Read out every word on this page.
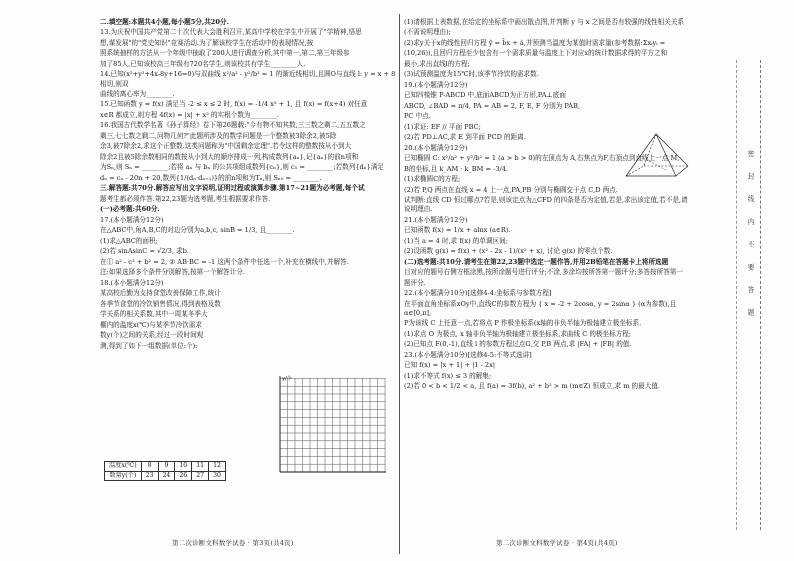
二.填空题:本题共4小题,每小题5分,共20分.

13.为庆祝中国共产党第二十次代表大会胜利召开,某高中学校在学生中开展了"学精神,悟思

想,谋发展"的"党史知识"竞赛活动.为了解该校学生在活动中的表现情况,按

照系统抽样的方法从一个年级中抽取了200人进行调查分析,其中第一,第二,第三年级参

加了85人,已知该校高三年级有720名学生,则该校共有学生________人.

14.已知(x²+y²+4x-8y+16=0)与双曲线 x²/a² - y²/b² = 1 的渐近线相切,且圆O与直线 l: y = x + 8 相切,则双

曲线的离心率为________.

15.已知函数 y = f(x) 满足当 -2 ≤ x ≤ 2 时, f(x) = -1/4 x² + 1, 且 f(x) = f(x+4) 对任意

x∈R 都成立,则方程 4f(x) = |x| + x² 的实根个数为________.

16.我国古代数学名著《孙子算经》卷下第26题载:"今有物不知其数,三三数之剩二,五五数之

剩三,七七数之剩二,问物几何?"此题所涉及的数学问题是一个整数被3除余2,被5除

余3,被7除余2,求这个正整数.这类问题称为"中国剩余定理".若令这样的整数按从小到大

除余2且被5除余数相同的数按从小到大的顺序排成一列,构成数列{aₙ},记{aₙ}的前n项和

为Sₙ,则 Sₙ = ________;若将 aₙ 与 bₙ 的公共项组成数列{cₙ},则 c₅ = ________;若数列{dₙ}满足

dₙ = cₙ - 20n + 20,数列{1/(dₙ·dₙ₊₁)}的前n项和为Tₙ,则 Sₙ₀ = ________.

三.解答题:共70分.解答应写出文字说明,证明过程或演算步骤.第17~21题为必考题,每个试

题考生都必须作答.第22,23题为选考题,考生根据要求作答.

(一)必考题:共60分.

17.(本小题满分12分)

在△ABC中,角A,B,C的对边分别为a,b,c, sinB = 1/3, 且________.

(1)求△ABC的面积;

(2)若 sinAsinC = √2/3, 求b.

在① a² - c² + b² = 2, ② AB·BC = -1 这两个条件中任选一个,补充在横线中,并解答.

注:如果选择多个条件分别解答,按第一个解答计分.

18.(本小题满分12分)

某高校后勤为支持食堂改善保障工作,统计

各季节食堂的冷饮销售情况,得到表格及数

学关系的相关系数,其中一周某冬季大

棚内的温度x(℃)与某季节冷饮需求

数y(个)之间的关系,经过一段时间观

测,得到了如下一组数据(单位:个):

(1)请根据上表数据,在给定的坐标系中画出散点图,并判断 y 与 x 之间是否有较强的线性相关关系

(不需说明理由);

(2)求y关于x的线性回归方程 ŷ = b̂x + â,并预测当温度为某值时需求量(参考数据:Σxᵢyᵢ =

(10,26)),且回归方程至少包含有一个需求质量与温度上下对应x的统计数据求得的平方之和

最小,求出直线l的方程;

(3)试预测温度为15℃时,该季节冷饮的需求数.

19.(本小题满分12分)

已知四棱锥 P-ABCD 中,底面ABCD为正方形,PA⊥底面

ABCD, ∠BAD = π/4, PA = AB = 2, F, E, F 分别为 PAB,

PC 中点.

(1)求证: EF // 平面 PBC;

(2)若 PD⊥AC,求 E 到平面 PCD 的距离.

20.(本小题满分12分)

已知椭圆 C: x²/a² + y²/b² = 1 (a > b > 0)的左顶点为 A,右焦点为F,右顶点到直线上一点 M,

B的坐标,且 k_AM · k_BM = -3/4.

(1)求椭圆C的方程;

(2)若 P,Q 两点在直线 x = 4 上一点,PA,PB 分别与椭圆交于点 C,D 两点.

试判断:直线 CD 恒过哪点?若是,则该定点为△CFD 的四条是否为定值,若是,求出该定值,若不是,请说明理由.

21.(本小题满分12分)

已知函数 f(x) = 1/x + alnx (a∈R).

(1)当 a = 4 时,求 f(x) 的单调区间;

(2)设函数 g(x) = f(x) + (x² - 2x - 1)/(x² + x), 讨论 g(x) 的零点个数.

(二)选考题:共10分.请考生在第22,23题中选定一题作答,并用2B铅笔在答题卡上将所选题

目对应的题号右侧方框涂黑,按所涂题号进行评分;不涂,多涂均按所答第一题评分;多答按所答第一

题评分.

22.(本小题满分10分)[选修4-4:坐标系与参数方程]

在平面直角坐标系xOy中,直线C的参数方程为 { x = -2 + 2cosα, y = 2sinα } (α为参数),且α∈[0,π],

P为该线 C 上任意一点,若将点 P 作极坐标系(x轴的非负半轴为极轴建立极坐标系.

(1)求点 O 为极点, x 轴非负半轴为极轴建立极坐标系,求曲线 C 的极坐标方程;

(2)已知点 F(0,-1),直线 l 的参数方程过点G,交 P,B 两点,求 |FA| + |FB| 的值.

23.(本小题满分10分)[选修4-5:不等式选讲]

已知 f(x) = |x + 1| + |1 - 2x|

(1)求不等式 f(x) ≤ 3 的解集;

(2)若 0 < b < 1/2 < a, 且 f(a) = 3f(b), a² + b² > m (m∈Z) 恒成立,求 m 的最大值.

温度x(℃)	8	9	10	11	12
数量y(个)	23	24	26	27	30
y/个
密 封 线 内 不 要 答 题
第二次诊断文科数学试卷 · 第3页(共4页)	第二次诊断文科数学试卷 · 第4页(共4页)
